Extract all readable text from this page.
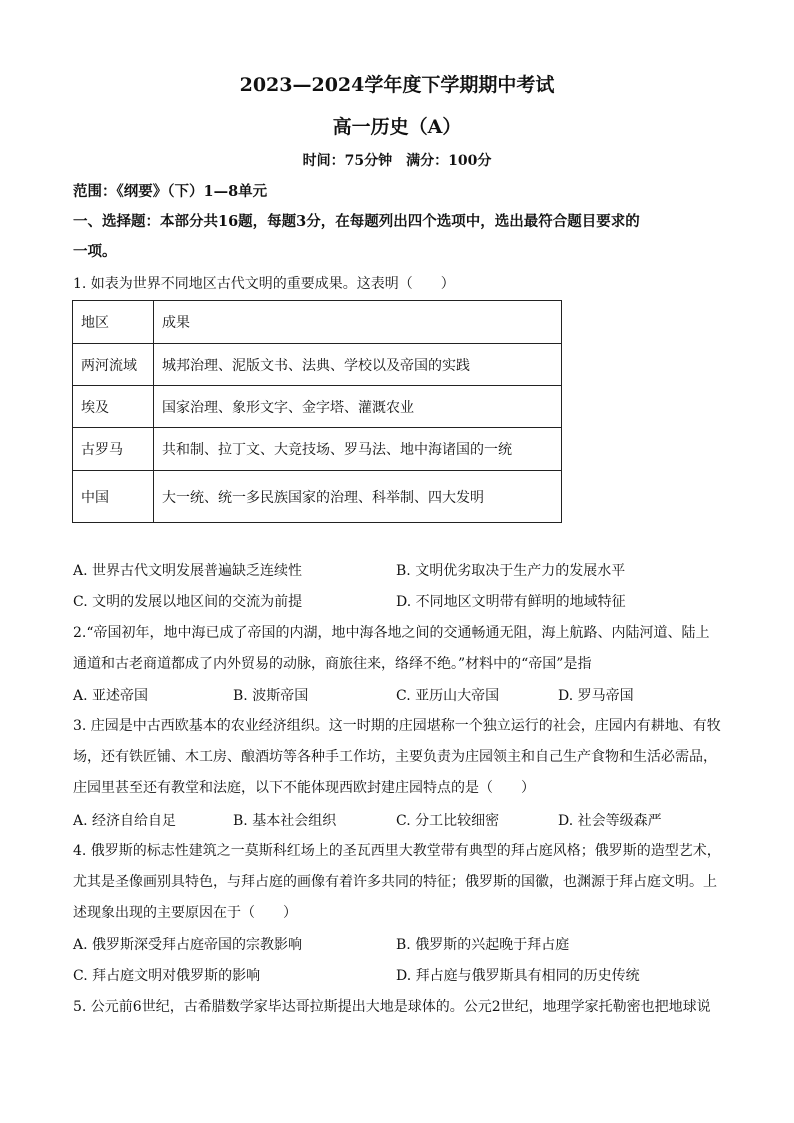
2023—2024学年度下学期期中考试
高一历史（A）
时间：75分钟　满分：100分
范围：《纲要》（下）1—8单元
一、选择题：本部分共16题，每题3分，在每题列出四个选项中，选出最符合题目要求的
一项。
1. 如表为世界不同地区古代文明的重要成果。这表明（　　）
地区	成果
两河流域	城邦治理、泥版文书、法典、学校以及帝国的实践
埃及	国家治理、象形文字、金字塔、灌溉农业
古罗马	共和制、拉丁文、大竞技场、罗马法、地中海诸国的一统
中国	大一统、统一多民族国家的治理、科举制、四大发明
A. 世界古代文明发展普遍缺乏连续性	B. 文明优劣取决于生产力的发展水平
C. 文明的发展以地区间的交流为前提	D. 不同地区文明带有鲜明的地域特征
2.“帝国初年，地中海已成了帝国的内湖，地中海各地之间的交通畅通无阻，海上航路、内陆河道、陆上
通道和古老商道都成了内外贸易的动脉，商旅往来，络绎不绝。”材料中的“帝国”是指
A. 亚述帝国	B. 波斯帝国	C. 亚历山大帝国	D. 罗马帝国
3. 庄园是中古西欧基本的农业经济组织。这一时期的庄园堪称一个独立运行的社会，庄园内有耕地、有牧
场，还有铁匠铺、木工房、酿酒坊等各种手工作坊，主要负责为庄园领主和自己生产食物和生活必需品，
庄园里甚至还有教堂和法庭，以下不能体现西欧封建庄园特点的是（　　）
A. 经济自给自足	B. 基本社会组织	C. 分工比较细密	D. 社会等级森严
4. 俄罗斯的标志性建筑之一莫斯科红场上的圣瓦西里大教堂带有典型的拜占庭风格；俄罗斯的造型艺术，
尤其是圣像画别具特色，与拜占庭的画像有着许多共同的特征；俄罗斯的国徽，也渊源于拜占庭文明。上
述现象出现的主要原因在于（　　）
A. 俄罗斯深受拜占庭帝国的宗教影响	B. 俄罗斯的兴起晚于拜占庭
C. 拜占庭文明对俄罗斯的影响	D. 拜占庭与俄罗斯具有相同的历史传统
5. 公元前6世纪，古希腊数学家毕达哥拉斯提出大地是球体的。公元2世纪，地理学家托勒密也把地球说
